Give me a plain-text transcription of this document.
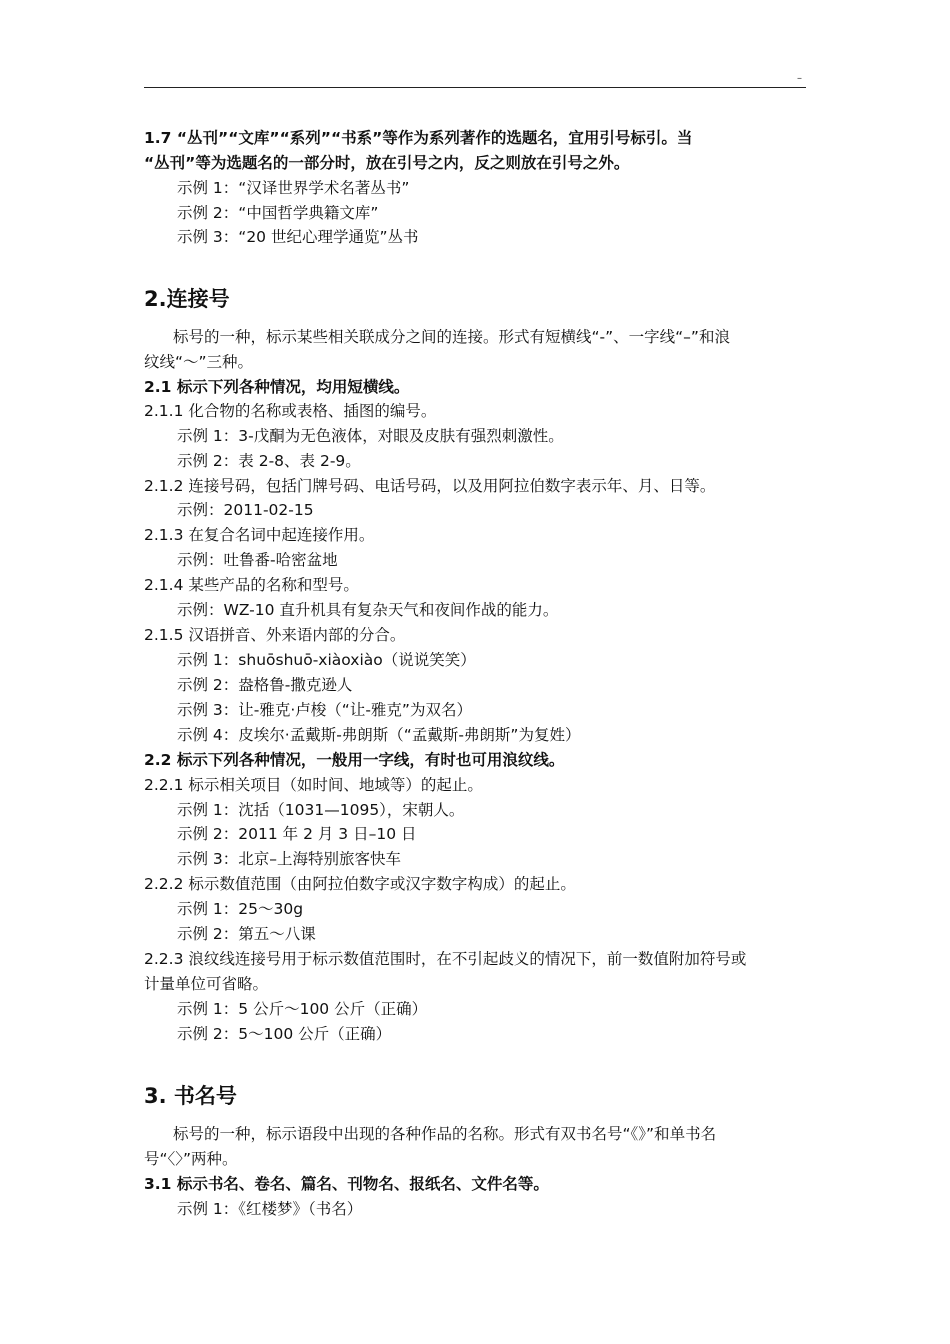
–
1.7 “丛刊”“文库”“系列”“书系”等作为系列著作的选题名，宜用引号标引。当
“丛刊”等为选题名的一部分时，放在引号之内，反之则放在引号之外。
示例 1：“汉译世界学术名著丛书”
示例 2：“中国哲学典籍文库”
示例 3：“20 世纪心理学通览”丛书
2.连接号
标号的一种，标示某些相关联成分之间的连接。形式有短横线“-”、一字线“–”和浪
纹线“～”三种。
2.1 标示下列各种情况，均用短横线。
2.1.1 化合物的名称或表格、插图的编号。
示例 1：3-戊酮为无色液体，对眼及皮肤有强烈刺激性。
示例 2：表 2-8、表 2-9。
2.1.2 连接号码，包括门牌号码、电话号码，以及用阿拉伯数字表示年、月、日等。
示例：2011-02-15
2.1.3 在复合名词中起连接作用。
示例：吐鲁番-哈密盆地
2.1.4 某些产品的名称和型号。
示例：WZ-10 直升机具有复杂天气和夜间作战的能力。
2.1.5 汉语拼音、外来语内部的分合。
示例 1：shuōshuō-xiàoxiào（说说笑笑）
示例 2：盎格鲁-撒克逊人
示例 3：让-雅克·卢梭（“让-雅克”为双名）
示例 4：皮埃尔·孟戴斯-弗朗斯（“孟戴斯-弗朗斯”为复姓）
2.2 标示下列各种情况，一般用一字线，有时也可用浪纹线。
2.2.1 标示相关项目（如时间、地域等）的起止。
示例 1：沈括（1031—1095），宋朝人。
示例 2：2011 年 2 月 3 日–10 日
示例 3：北京–上海特别旅客快车
2.2.2 标示数值范围（由阿拉伯数字或汉字数字构成）的起止。
示例 1：25～30g
示例 2：第五～八课
2.2.3 浪纹线连接号用于标示数值范围时，在不引起歧义的情况下，前一数值附加符号或
计量单位可省略。
示例 1：5 公斤～100 公斤（正确）
示例 2：5～100 公斤（正确）
3. 书名号
标号的一种，标示语段中出现的各种作品的名称。形式有双书名号“《》”和单书名
号“〈〉”两种。
3.1 标示书名、卷名、篇名、刊物名、报纸名、文件名等。
示例 1：《红楼梦》（书名）
